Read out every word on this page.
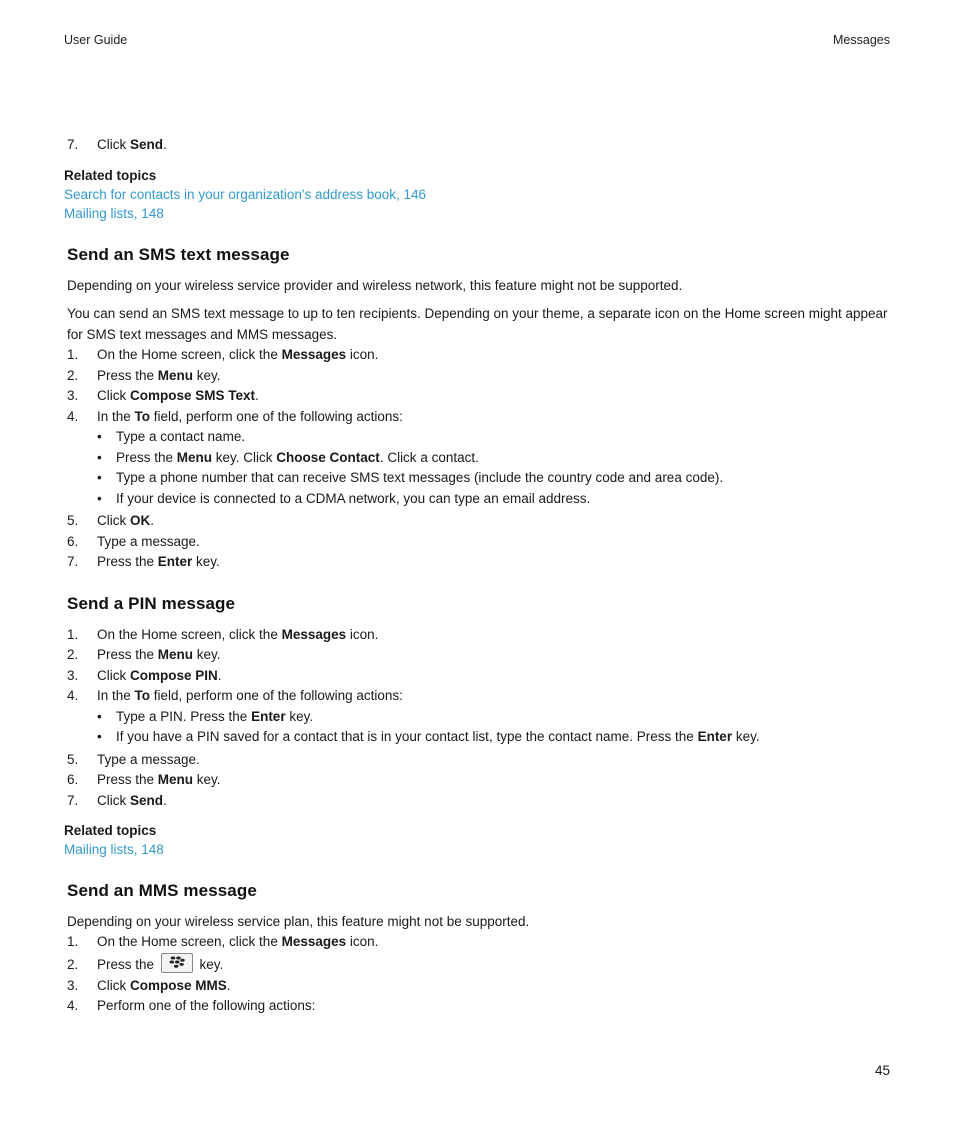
User Guide	Messages
7. Click Send.
Related topics
Search for contacts in your organization's address book, 146
Mailing lists, 148
Send an SMS text message
Depending on your wireless service provider and wireless network, this feature might not be supported.
You can send an SMS text message to up to ten recipients. Depending on your theme, a separate icon on the Home screen might appear for SMS text messages and MMS messages.
1. On the Home screen, click the Messages icon.
2. Press the Menu key.
3. Click Compose SMS Text.
4. In the To field, perform one of the following actions:
• Type a contact name.
• Press the Menu key. Click Choose Contact. Click a contact.
• Type a phone number that can receive SMS text messages (include the country code and area code).
• If your device is connected to a CDMA network, you can type an email address.
5. Click OK.
6. Type a message.
7. Press the Enter key.
Send a PIN message
1. On the Home screen, click the Messages icon.
2. Press the Menu key.
3. Click Compose PIN.
4. In the To field, perform one of the following actions:
• Type a PIN. Press the Enter key.
• If you have a PIN saved for a contact that is in your contact list, type the contact name. Press the Enter key.
5. Type a message.
6. Press the Menu key.
7. Click Send.
Related topics
Mailing lists, 148
Send an MMS message
Depending on your wireless service plan, this feature might not be supported.
1. On the Home screen, click the Messages icon.
2. Press the	key.
3. Click Compose MMS.
4. Perform one of the following actions:
45
